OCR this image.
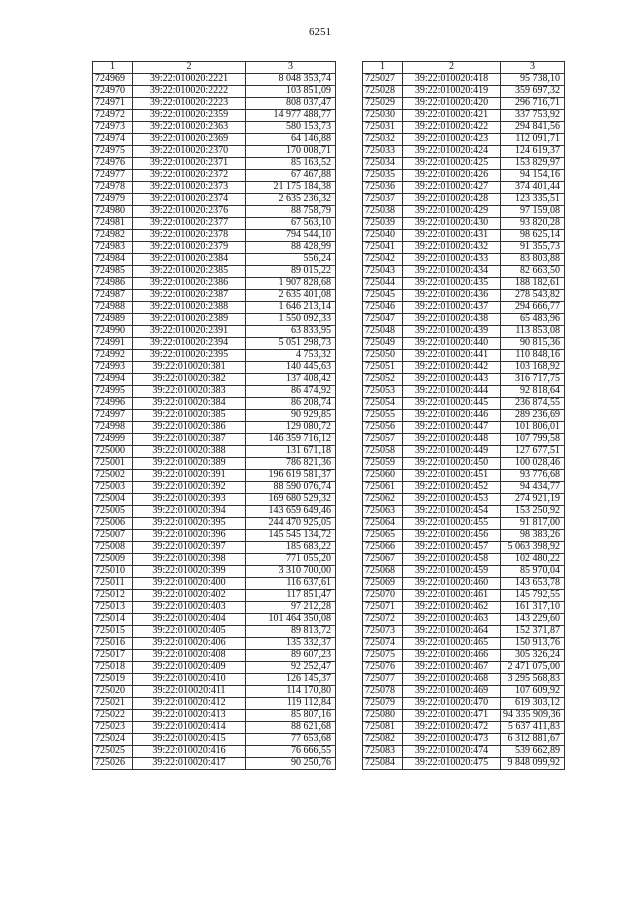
6251
1	2	3
724969	39:22:010020:2221	8 048 353,74
724970	39:22:010020:2222	103 851,09
724971	39:22:010020:2223	808 037,47
724972	39:22:010020:2359	14 977 488,77
724973	39:22:010020:2363	580 153,73
724974	39:22:010020:2369	64 146,88
724975	39:22:010020:2370	170 008,71
724976	39:22:010020:2371	85 163,52
724977	39:22:010020:2372	67 467,88
724978	39:22:010020:2373	21 175 184,38
724979	39:22:010020:2374	2 635 236,32
724980	39:22:010020:2376	88 758,79
724981	39:22:010020:2377	67 563,10
724982	39:22:010020:2378	794 544,10
724983	39:22:010020:2379	88 428,99
724984	39:22:010020:2384	556,24
724985	39:22:010020:2385	89 015,22
724986	39:22:010020:2386	1 907 828,68
724987	39:22:010020:2387	2 635 401,08
724988	39:22:010020:2388	1 646 213,14
724989	39:22:010020:2389	1 550 092,33
724990	39:22:010020:2391	63 833,95
724991	39:22:010020:2394	5 051 298,73
724992	39:22:010020:2395	4 753,32
724993	39:22:010020:381	140 445,63
724994	39:22:010020:382	137 408,42
724995	39:22:010020:383	86 474,92
724996	39:22:010020:384	86 208,74
724997	39:22:010020:385	90 929,85
724998	39:22:010020:386	129 080,72
724999	39:22:010020:387	146 359 716,12
725000	39:22:010020:388	131 671,18
725001	39:22:010020:389	786 821,36
725002	39:22:010020:391	196 619 581,37
725003	39:22:010020:392	88 590 076,74
725004	39:22:010020:393	169 680 529,32
725005	39:22:010020:394	143 659 649,46
725006	39:22:010020:395	244 470 925,05
725007	39:22:010020:396	145 545 134,72
725008	39:22:010020:397	185 683,22
725009	39:22:010020:398	771 055,20
725010	39:22:010020:399	3 310 700,00
725011	39:22:010020:400	116 637,61
725012	39:22:010020:402	117 851,47
725013	39:22:010020:403	97 212,28
725014	39:22:010020:404	101 464 350,08
725015	39:22:010020:405	89 813,72
725016	39:22:010020:406	135 332,37
725017	39:22:010020:408	89 607,23
725018	39:22:010020:409	92 252,47
725019	39:22:010020:410	126 145,37
725020	39:22:010020:411	114 170,80
725021	39:22:010020:412	119 112,84
725022	39:22:010020:413	85 807,16
725023	39:22:010020:414	88 621,68
725024	39:22:010020:415	77 653,68
725025	39:22:010020:416	76 666,55
725026	39:22:010020:417	90 250,76
1	2	3
725027	39:22:010020:418	95 738,10
725028	39:22:010020:419	359 697,32
725029	39:22:010020:420	296 716,71
725030	39:22:010020:421	337 753,92
725031	39:22:010020:422	294 841,56
725032	39:22:010020:423	112 091,71
725033	39:22:010020:424	124 619,37
725034	39:22:010020:425	153 829,97
725035	39:22:010020:426	94 154,16
725036	39:22:010020:427	374 401,44
725037	39:22:010020:428	123 335,51
725038	39:22:010020:429	97 159,08
725039	39:22:010020:430	93 820,28
725040	39:22:010020:431	98 625,14
725041	39:22:010020:432	91 355,73
725042	39:22:010020:433	83 803,88
725043	39:22:010020:434	82 663,50
725044	39:22:010020:435	188 182,61
725045	39:22:010020:436	278 543,82
725046	39:22:010020:437	294 666,77
725047	39:22:010020:438	65 483,96
725048	39:22:010020:439	113 853,08
725049	39:22:010020:440	90 815,36
725050	39:22:010020:441	110 848,16
725051	39:22:010020:442	103 168,92
725052	39:22:010020:443	316 717,75
725053	39:22:010020:444	92 818,64
725054	39:22:010020:445	236 874,55
725055	39:22:010020:446	289 236,69
725056	39:22:010020:447	101 806,01
725057	39:22:010020:448	107 799,58
725058	39:22:010020:449	127 677,51
725059	39:22:010020:450	100 028,46
725060	39:22:010020:451	93 776,68
725061	39:22:010020:452	94 434,77
725062	39:22:010020:453	274 921,19
725063	39:22:010020:454	153 250,92
725064	39:22:010020:455	91 817,00
725065	39:22:010020:456	98 383,26
725066	39:22:010020:457	5 063 398,92
725067	39:22:010020:458	102 480,22
725068	39:22:010020:459	85 970,04
725069	39:22:010020:460	143 653,78
725070	39:22:010020:461	145 792,55
725071	39:22:010020:462	161 317,10
725072	39:22:010020:463	143 229,60
725073	39:22:010020:464	152 371,87
725074	39:22:010020:465	150 913,76
725075	39:22:010020:466	305 326,24
725076	39:22:010020:467	2 471 075,00
725077	39:22:010020:468	3 295 568,83
725078	39:22:010020:469	107 609,92
725079	39:22:010020:470	619 303,12
725080	39:22:010020:471	94 335 909,36
725081	39:22:010020:472	5 637 411,83
725082	39:22:010020:473	6 312 881,67
725083	39:22:010020:474	539 662,89
725084	39:22:010020:475	9 848 099,92
